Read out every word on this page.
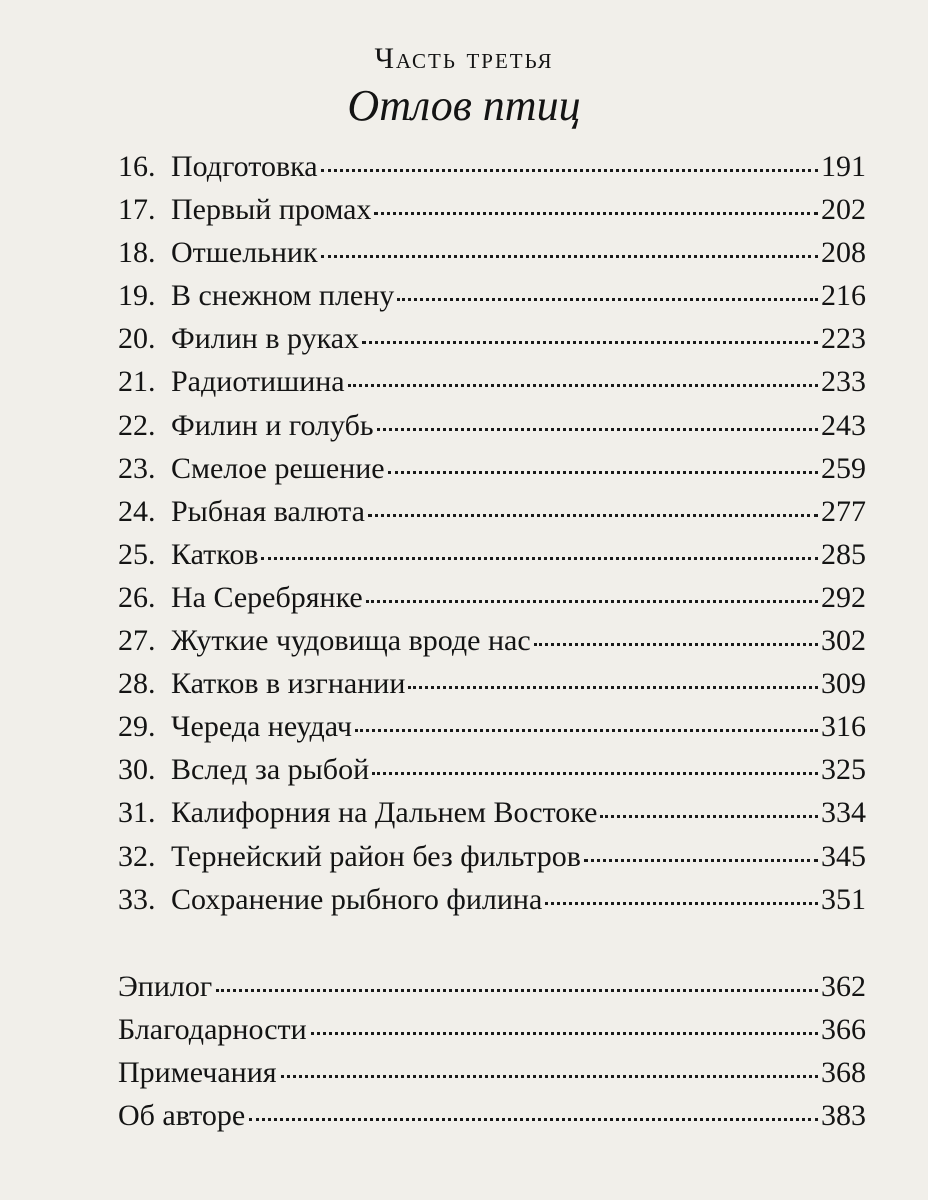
Часть третья
Отлов птиц
16. Подготовка	191
17. Первый промах	202
18. Отшельник	208
19. В снежном плену	216
20. Филин в руках	223
21. Радиотишина	233
22. Филин и голубь	243
23. Смелое решение	259
24. Рыбная валюта	277
25. Катков	285
26. На Серебрянке	292
27. Жуткие чудовища вроде нас	302
28. Катков в изгнании	309
29. Череда неудач	316
30. Вслед за рыбой	325
31. Калифорния на Дальнем Востоке	334
32. Тернейский район без фильтров	345
33. Сохранение рыбного филина	351
Эпилог	362
Благодарности	366
Примечания	368
Об авторе	383
